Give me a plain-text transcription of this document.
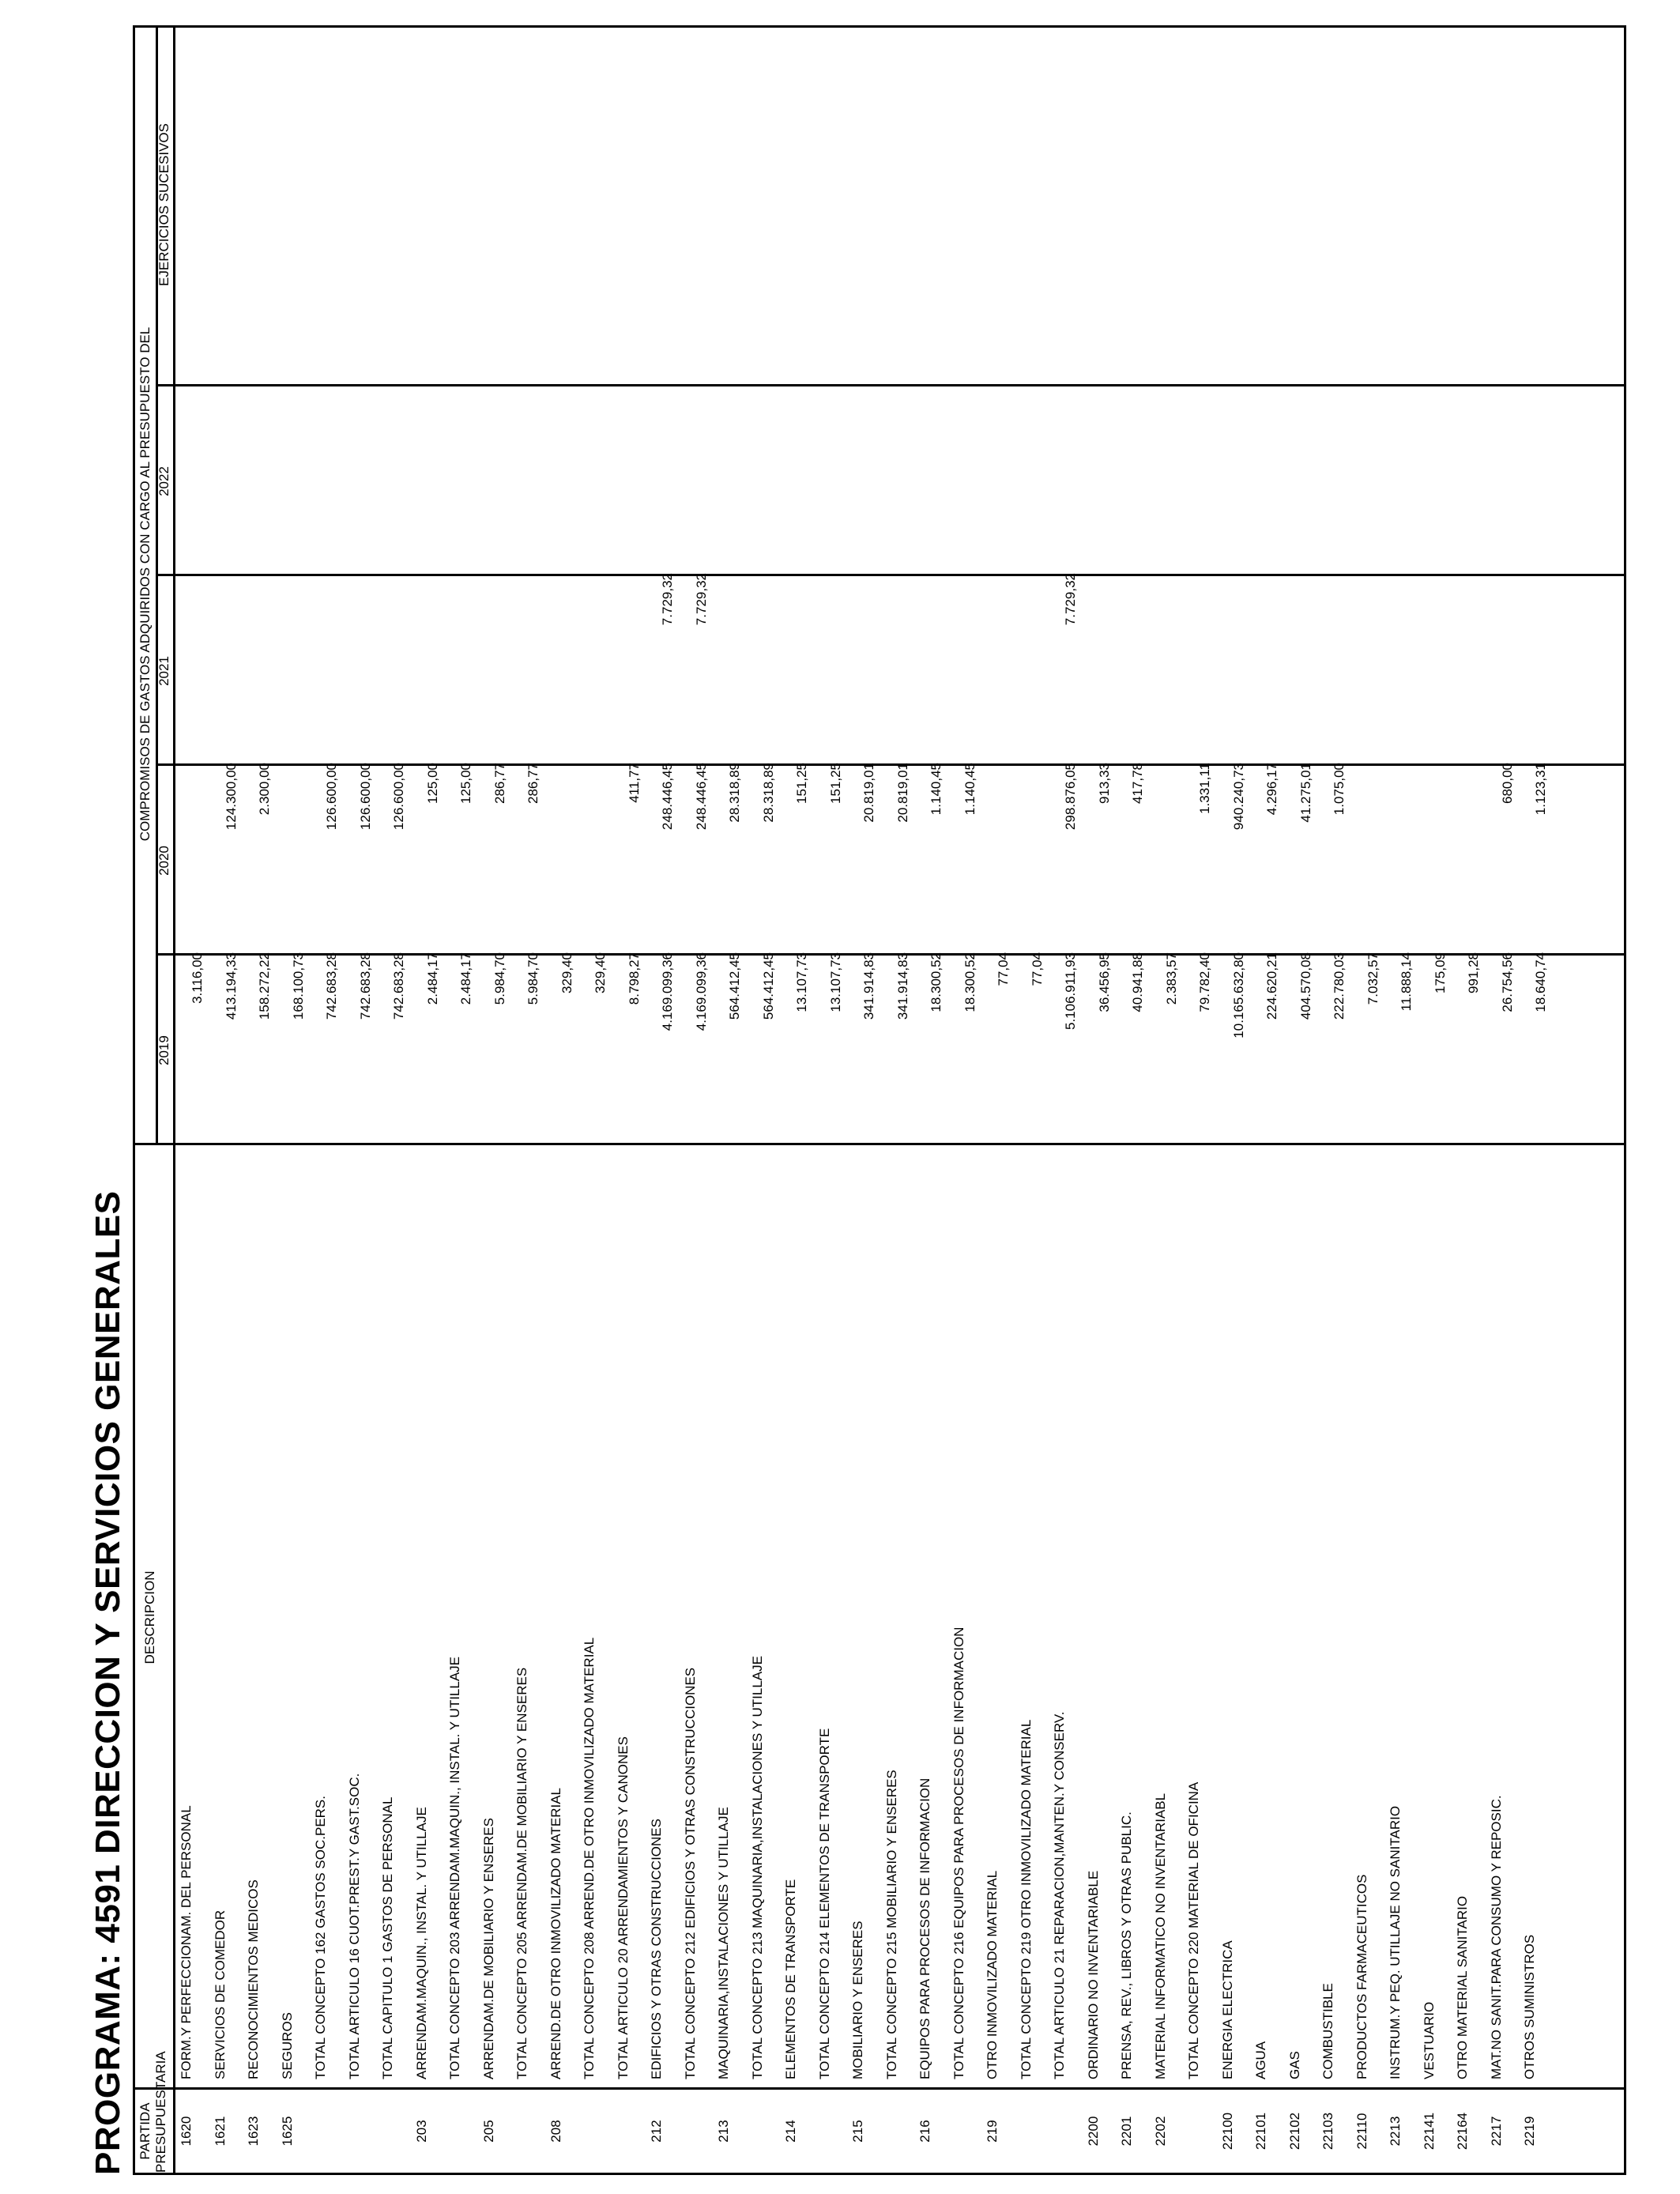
PROGRAMA: 4591 DIRECCION Y SERVICIOS GENERALES PARTIDA PRESUPUESTARIA
DESCRIPCION
COMPROMISOS DE GASTOS ADQUIRIDOS CON CARGO AL PRESUPUESTO DEL
2019
2020
2021
2022
EJERCICIOS SUCESIVOS
1620
FORM.Y PERFECCIONAM. DEL PERSONAL
3.116,00
1621
SERVICIOS DE COMEDOR
413.194,33
124.300,00
1623
RECONOCIMIENTOS MEDICOS
158.272,22
2.300,00
1625
SEGUROS
168.100,73
TOTAL CONCEPTO 162 GASTOS SOC.PERS.
742.683,28
126.600,00
TOTAL ARTICULO 16 CUOT.PREST.Y GAST.SOC.
742.683,28
126.600,00
TOTAL CAPITULO 1 GASTOS DE PERSONAL
742.683,28
126.600,00
203
ARRENDAM.MAQUIN., INSTAL. Y UTILLAJE
2.484,17
125,00
TOTAL CONCEPTO 203 ARRENDAM.MAQUIN., INSTAL. Y UTILLAJE
2.484,17
125,00
205
ARRENDAM.DE MOBILIARIO Y ENSERES
5.984,70
286,77
TOTAL CONCEPTO 205 ARRENDAM.DE MOBILIARIO Y ENSERES
5.984,70
286,77
208
ARREND.DE OTRO INMOVILIZADO MATERIAL
329,40
TOTAL CONCEPTO 208 ARREND.DE OTRO INMOVILIZADO MATERIAL
329,40
TOTAL ARTICULO 20 ARRENDAMIENTOS Y CANONES
8.798,27
411,77
212
EDIFICIOS Y OTRAS CONSTRUCCIONES
4.169.099,36
248.446,45
7.729,32
TOTAL CONCEPTO 212 EDIFICIOS Y OTRAS CONSTRUCCIONES
4.169.099,36
248.446,45
7.729,32
213
MAQUINARIA,INSTALACIONES Y UTILLAJE
564.412,45
28.318,89
TOTAL CONCEPTO 213 MAQUINARIA,INSTALACIONES Y UTILLAJE
564.412,45
28.318,89
214
ELEMENTOS DE TRANSPORTE
13.107,73
151,25
TOTAL CONCEPTO 214 ELEMENTOS DE TRANSPORTE
13.107,73
151,25
215
MOBILIARIO Y ENSERES
341.914,83
20.819,01
TOTAL CONCEPTO 215 MOBILIARIO Y ENSERES
341.914,83
20.819,01
216
EQUIPOS PARA PROCESOS DE INFORMACION
18.300,52
1.140,45
TOTAL CONCEPTO 216 EQUIPOS PARA PROCESOS DE INFORMACION
18.300,52
1.140,45
219
OTRO INMOVILIZADO MATERIAL
77,04
TOTAL CONCEPTO 219 OTRO INMOVILIZADO MATERIAL
77,04
TOTAL ARTICULO 21 REPARACION,MANTEN.Y CONSERV.
5.106.911,93
298.876,05
7.729,32
2200
ORDINARIO NO INVENTARIABLE
36.456,95
913,33
2201
PRENSA, REV., LIBROS Y OTRAS PUBLIC.
40.941,88
417,78
2202
MATERIAL INFORMATICO NO INVENTARIABL
2.383,57
TOTAL CONCEPTO 220 MATERIAL DE OFICINA
79.782,40
1.331,11
22100
ENERGIA ELECTRICA
10.165.632,80
940.240,73
22101
AGUA
224.620,21
4.296,17
22102
GAS
404.570,08
41.275,01
22103
COMBUSTIBLE
222.780,03
1.075,00
22110
PRODUCTOS FARMACEUTICOS
7.032,57
2213
INSTRUM.Y PEQ. UTILLAJE NO SANITARIO
11.888,14
22141
VESTUARIO
175,09
22164
OTRO MATERIAL SANITARIO
991,28
2217
MAT.NO SANIT.PARA CONSUMO Y REPOSIC.
26.754,56
680,00
2219
OTROS SUMINISTROS
18.640,74
1.123,31
